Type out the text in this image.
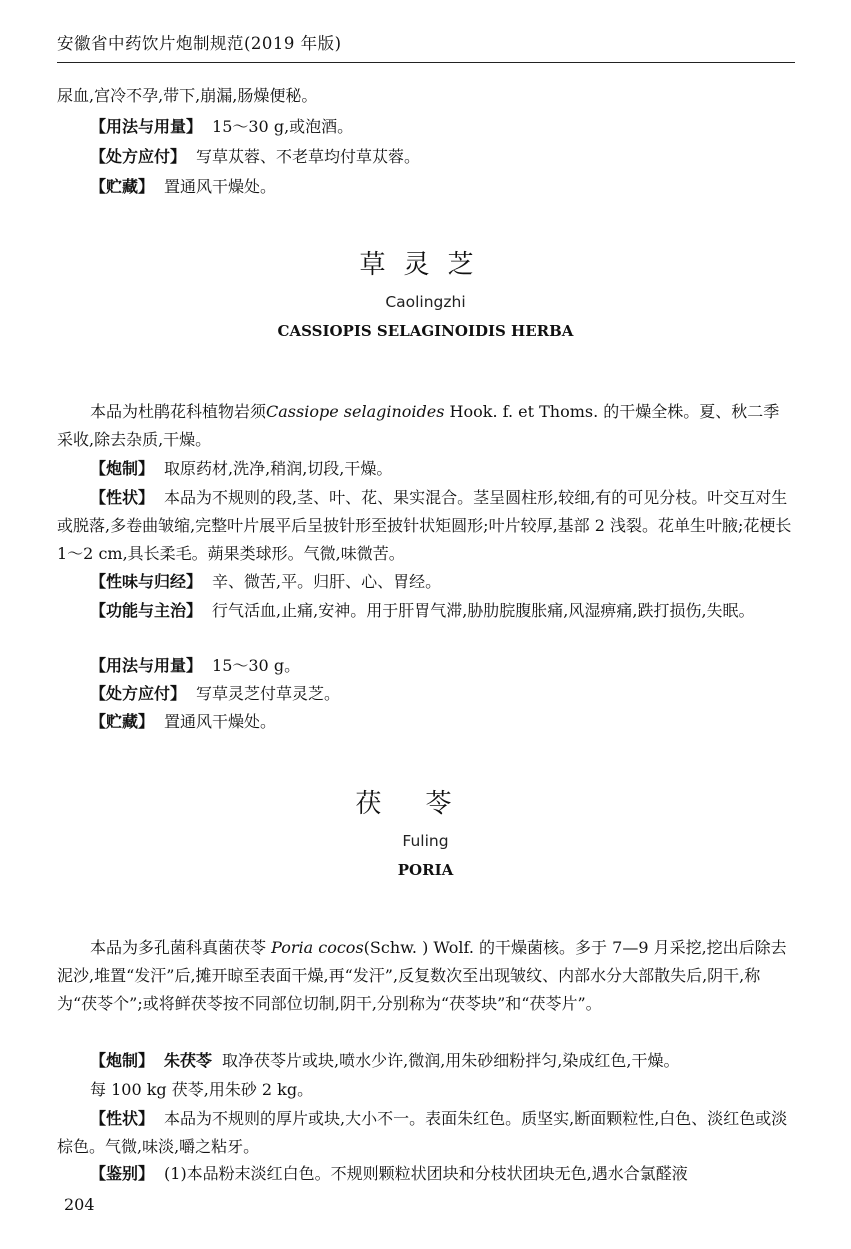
安徽省中药饮片炮制规范(2019 年版)

尿血,宫冷不孕,带下,崩漏,肠燥便秘。

【用法与用量】 15～30 g,或泡酒。

【处方应付】 写草苁蓉、不老草均付草苁蓉。

【贮藏】 置通风干燥处。

草灵芝
Caolingzhi
CASSIOPIS SELAGINOIDIS HERBA

本品为杜鹃花科植物岩须Cassiope selaginoides Hook. f. et Thoms. 的干燥全株。夏、秋二季采收,除去杂质,干燥。

【炮制】 取原药材,洗净,稍润,切段,干燥。

【性状】 本品为不规则的段,茎、叶、花、果实混合。茎呈圆柱形,较细,有的可见分枝。叶交互对生或脱落,多卷曲皱缩,完整叶片展平后呈披针形至披针状矩圆形;叶片较厚,基部 2 浅裂。花单生叶腋;花梗长 1～2 cm,具长柔毛。蒴果类球形。气微,味微苦。

【性味与归经】 辛、微苦,平。归肝、心、胃经。

【功能与主治】 行气活血,止痛,安神。用于肝胃气滞,胁肋脘腹胀痛,风湿痹痛,跌打损伤,失眠。

【用法与用量】 15～30 g。

【处方应付】 写草灵芝付草灵芝。

【贮藏】 置通风干燥处。

茯苓
Fuling
PORIA

本品为多孔菌科真菌茯苓 Poria cocos(Schw. ) Wolf. 的干燥菌核。多于 7—9 月采挖,挖出后除去泥沙,堆置“发汗”后,摊开晾至表面干燥,再“发汗”,反复数次至出现皱纹、内部水分大部散失后,阴干,称为“茯苓个”;或将鲜茯苓按不同部位切制,阴干,分别称为“茯苓块”和“茯苓片”。

【炮制】 朱茯苓 取净茯苓片或块,喷水少许,微润,用朱砂细粉拌匀,染成红色,干燥。

每 100 kg 茯苓,用朱砂 2 kg。

【性状】 本品为不规则的厚片或块,大小不一。表面朱红色。质坚实,断面颗粒性,白色、淡红色或淡棕色。气微,味淡,嚼之粘牙。

【鉴别】 (1)本品粉末淡红白色。不规则颗粒状团块和分枝状团块无色,遇水合氯醛液

204
